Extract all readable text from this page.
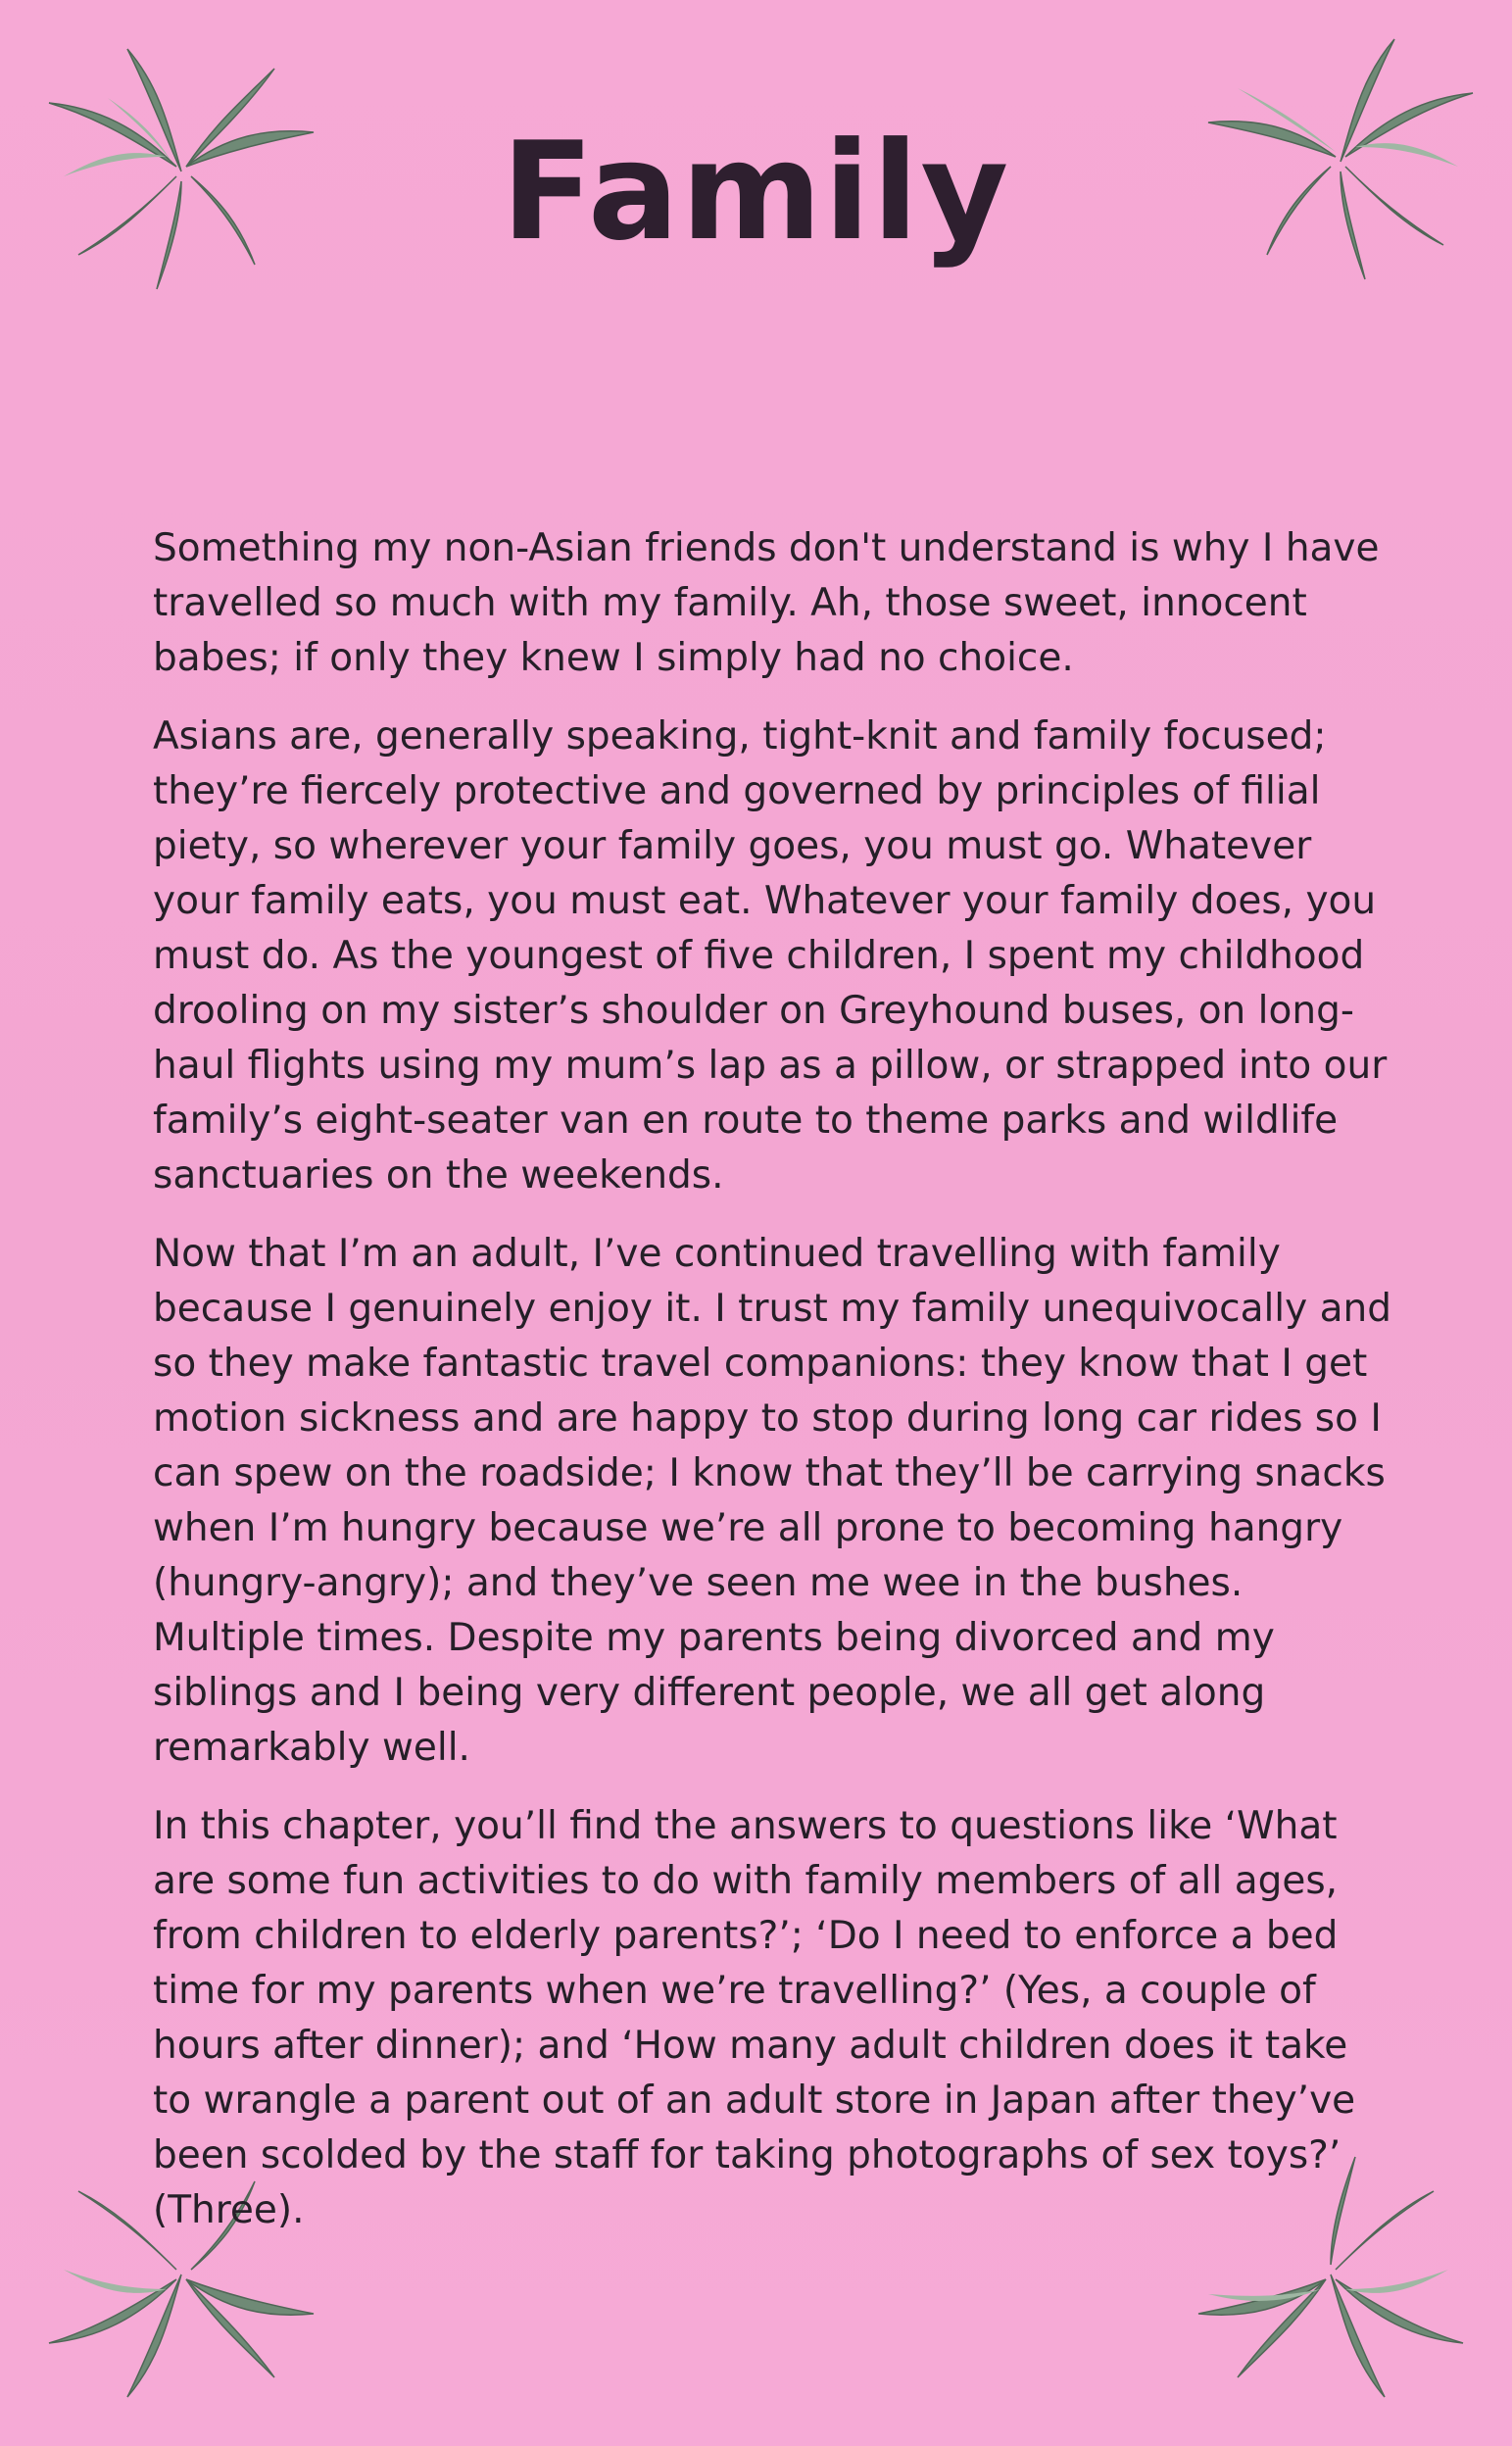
Family

Something my non-Asian friends don't understand is why I have travelled so much with my family. Ah, those sweet, innocent babes; if only they knew I simply had no choice.

Asians are, generally speaking, tight-knit and family focused; they’re fiercely protective and governed by principles of filial piety, so wherever your family goes, you must go. Whatever your family eats, you must eat. Whatever your family does, you must do. As the youngest of five children, I spent my childhood drooling on my sister’s shoulder on Greyhound buses, on long-haul flights using my mum’s lap as a pillow, or strapped into our family’s eight-seater van en route to theme parks and wildlife sanctuaries on the weekends.

Now that I’m an adult, I’ve continued travelling with family because I genuinely enjoy it. I trust my family unequivocally and so they make fantastic travel companions: they know that I get motion sickness and are happy to stop during long car rides so I can spew on the roadside; I know that they’ll be carrying snacks when I’m hungry because we’re all prone to becoming hangry (hungry-angry); and they’ve seen me wee in the bushes. Multiple times. Despite my parents being divorced and my siblings and I being very different people, we all get along remarkably well.

In this chapter, you’ll find the answers to questions like ‘What are some fun activities to do with family members of all ages, from children to elderly parents?’; ‘Do I need to enforce a bed time for my parents when we’re travelling?’ (Yes, a couple of hours after dinner); and ‘How many adult children does it take to wrangle a parent out of an adult store in Japan after they’ve been scolded by the staff for taking photographs of sex toys?’ (Three).
